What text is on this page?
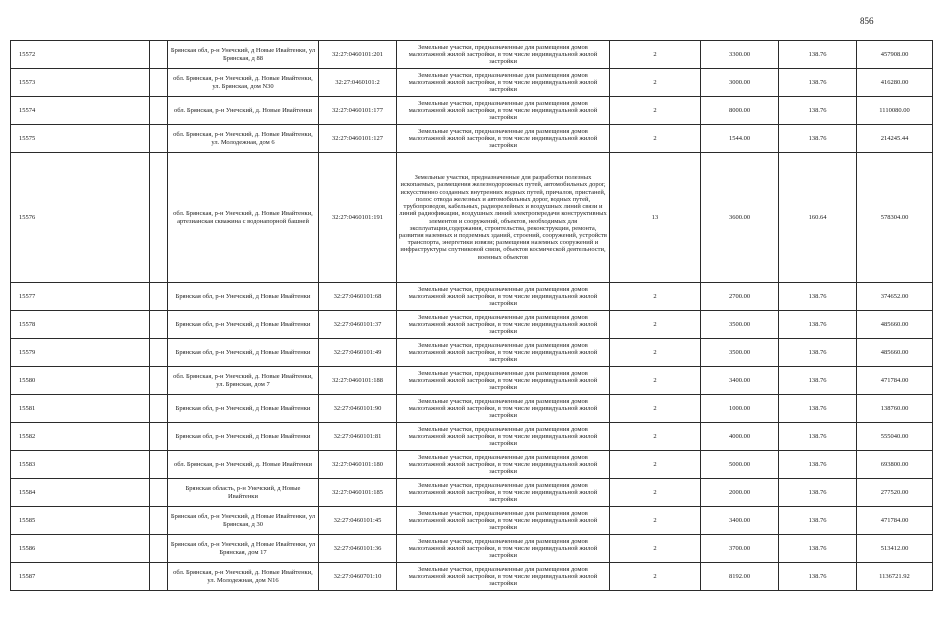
856
15572		Брянская обл, р-н Унечский, д Новые Ивайтенки, ул Брянская, д 88	32:27:0460101:201	Земельные участки, предназначенные для размещения домов малоэтажной жилой застройки, в том числе индивидуальной жилой застройки	2	3300.00	138.76	457908.00
15573		обл. Брянская, р-н Унечский, д. Новые Ивайтенки, ул. Брянская, дом N30	32:27:0460101:2	Земельные участки, предназначенные для размещения домов малоэтажной жилой застройки, в том числе индивидуальной жилой застройки	2	3000.00	138.76	416280.00
15574		обл. Брянская, р-н Унечский, д. Новые Ивайтенки	32:27:0460101:177	Земельные участки, предназначенные для размещения домов малоэтажной жилой застройки, в том числе индивидуальной жилой застройки	2	8000.00	138.76	1110080.00
15575		обл. Брянская, р-н Унечский, д. Новые Ивайтенки, ул. Молодежная, дом 6	32:27:0460101:127	Земельные участки, предназначенные для размещения домов малоэтажной жилой застройки, в том числе индивидуальной жилой застройки	2	1544.00	138.76	214245.44
15576		обл. Брянская, р-н Унечский, д. Новые Ивайтенки, артезианская скважина с водонапорной башней	32:27:0460101:191	Земельные участки, предназначенные для разработки полезных ископаемых, размещения железнодорожных путей, автомобильных дорог, искусственно созданных внутренних водных путей, причалов, пристаней, полос отвода железных и автомобильных дорог, водных путей, трубопроводов, кабельных, радиорелейных и воздушных линий связи и линий радиофикации, воздушных линий электропередачи конструктивных элементов и сооружений, объектов, необходимых для эксплуатации,содержания, строительства, реконструкции, ремонта, развития наземных и подземных зданий, строений, сооружений, устройств транспорта, энергетики извязи; размещения наземных сооружений и инфраструктуры спутниковой связи, объектов космической деятельности, военных объектов	13	3600.00	160.64	578304.00
15577		Брянская обл, р-н Унечский, д Новые Ивайтенки	32:27:0460101:68	Земельные участки, предназначенные для размещения домов малоэтажной жилой застройки, в том числе индивидуальной жилой застройки	2	2700.00	138.76	374652.00
15578		Брянская обл, р-н Унечский, д Новые Ивайтенки	32:27:0460101:37	Земельные участки, предназначенные для размещения домов малоэтажной жилой застройки, в том числе индивидуальной жилой застройки	2	3500.00	138.76	485660.00
15579		Брянская обл, р-н Унечский, д Новые Ивайтенки	32:27:0460101:49	Земельные участки, предназначенные для размещения домов малоэтажной жилой застройки, в том числе индивидуальной жилой застройки	2	3500.00	138.76	485660.00
15580		обл. Брянская, р-н Унечский, д. Новые Ивайтенки, ул. Брянская, дом 7	32:27:0460101:188	Земельные участки, предназначенные для размещения домов малоэтажной жилой застройки, в том числе индивидуальной жилой застройки	2	3400.00	138.76	471784.00
15581		Брянская обл, р-н Унечский, д Новые Ивайтенки	32:27:0460101:90	Земельные участки, предназначенные для размещения домов малоэтажной жилой застройки, в том числе индивидуальной жилой застройки	2	1000.00	138.76	138760.00
15582		Брянская обл, р-н Унечский, д Новые Ивайтенки	32:27:0460101:81	Земельные участки, предназначенные для размещения домов малоэтажной жилой застройки, в том числе индивидуальной жилой застройки	2	4000.00	138.76	555040.00
15583		обл. Брянская, р-н Унечский, д. Новые Ивайтенки	32:27:0460101:180	Земельные участки, предназначенные для размещения домов малоэтажной жилой застройки, в том числе индивидуальной жилой застройки	2	5000.00	138.76	693800.00
15584		Брянская область, р-н Унечский, д Новые Ивайтенки	32:27:0460101:185	Земельные участки, предназначенные для размещения домов малоэтажной жилой застройки, в том числе индивидуальной жилой застройки	2	2000.00	138.76	277520.00
15585		Брянская обл, р-н Унечский, д Новые Ивайтенки, ул Брянская, д 30	32:27:0460101:45	Земельные участки, предназначенные для размещения домов малоэтажной жилой застройки, в том числе индивидуальной жилой застройки	2	3400.00	138.76	471784.00
15586		Брянская обл, р-н Унечский, д Новые Ивайтенки, ул Брянская, дом 17	32:27:0460101:36	Земельные участки, предназначенные для размещения домов малоэтажной жилой застройки, в том числе индивидуальной жилой застройки	2	3700.00	138.76	513412.00
15587		обл. Брянская, р-н Унечский, д. Новые Ивайтенки, ул. Молодежная, дом N16	32:27:0460701:10	Земельные участки, предназначенные для размещения домов малоэтажной жилой застройки, в том числе индивидуальной жилой застройки	2	8192.00	138.76	1136721.92
